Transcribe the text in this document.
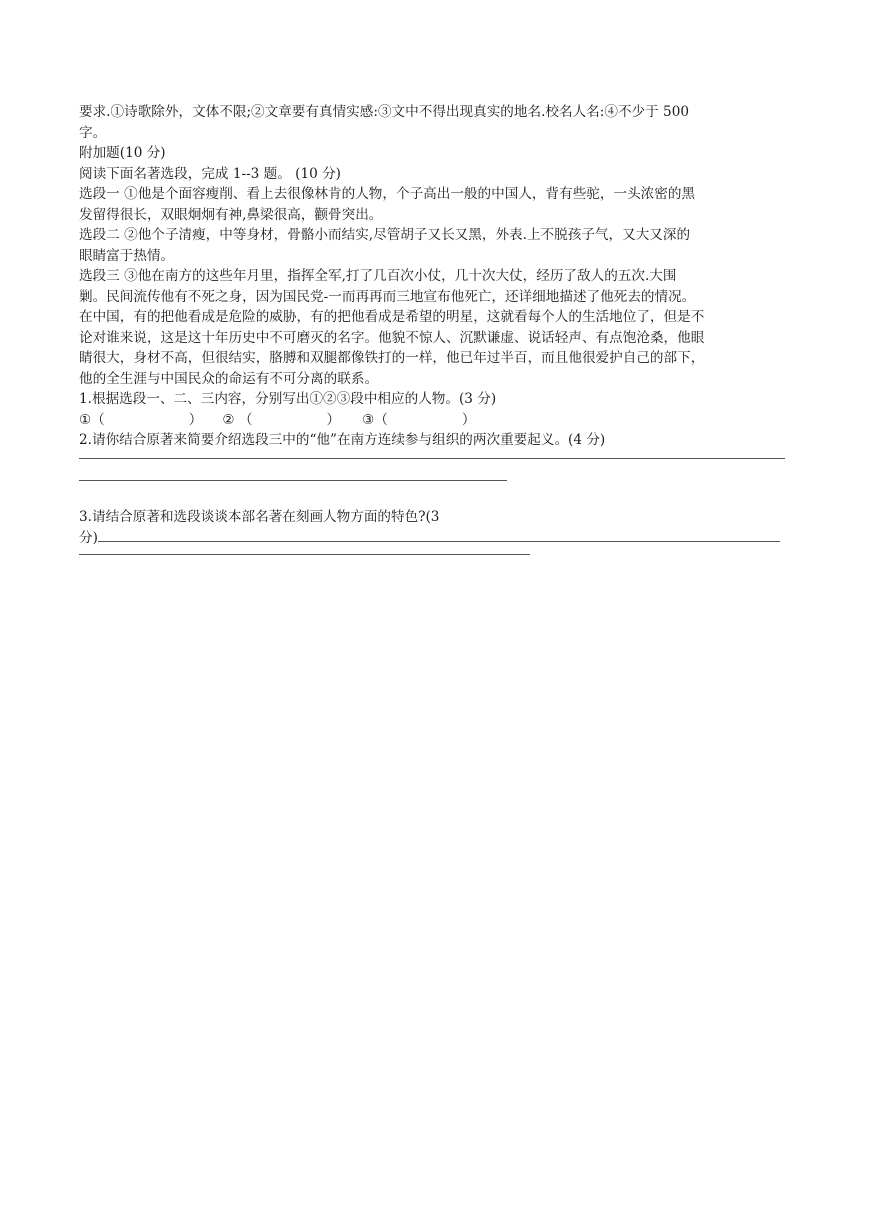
要求.①诗歌除外，文体不限;②文章要有真情实感:③文中不得出现真实的地名.校名人名:④不少于 500
字。
附加题(10 分)
阅读下面名著选段，完成 1--3 题。 (10 分)
选段一 ①他是个面容瘦削、看上去很像林肯的人物，个子高出一般的中国人，背有些驼，一头浓密的黑
发留得很长，双眼炯炯有神,鼻梁很高，颧骨突出。
选段二 ②他个子清瘦，中等身材，骨骼小而结实,尽管胡子又长又黑，外表.上不脱孩子气，又大又深的
眼睛富于热情。
选段三 ③他在南方的这些年月里，指挥全军,打了几百次小仗，几十次大仗，经历了敌人的五次.大围
剿。民间流传他有不死之身，因为国民党-一而再再而三地宣布他死亡，还详细地描述了他死去的情况。
在中国，有的把他看成是危险的威胁，有的把他看成是希望的明星，这就看每个人的生活地位了，但是不
论对谁来说，这是这十年历史中不可磨灭的名字。他貌不惊人、沉默谦虚、说话轻声、有点饱沧桑，他眼
睛很大，身材不高，但很结实，胳膊和双腿都像铁打的一样，他已年过半百，而且他很爱护自己的部下，
他的全生涯与中国民众的命运有不可分离的联系。
1.根据选段一、二、三内容，分别写出①②③段中相应的人物。(3 分)
①（	） ② （	） ③（	）
2.请你结合原著来简要介绍选段三中的“他”在南方连续参与组织的两次重要起义。(4 分)
3.请结合原著和选段谈谈本部名著在刻画人物方面的特色?(3
分)
